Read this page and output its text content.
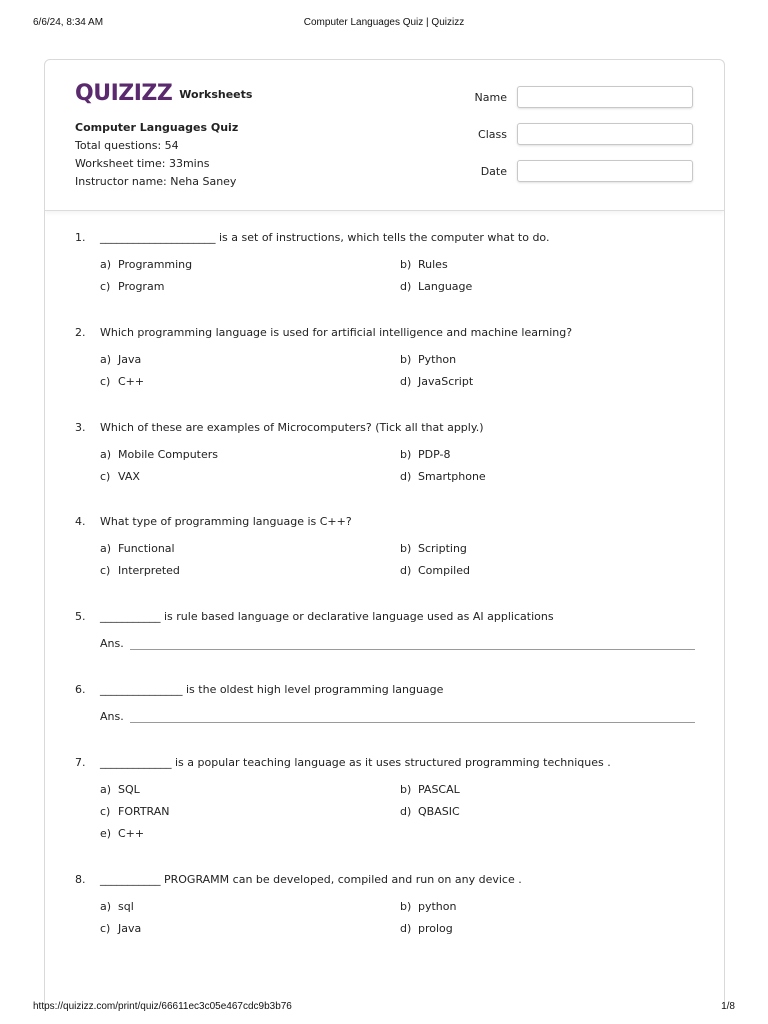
6/6/24, 8:34 AM	Computer Languages Quiz | Quizizz
QUIZIZZ Worksheets
Computer Languages Quiz
Total questions: 54
Worksheet time: 33mins
Instructor name: Neha Saney
Name
Class
Date
1.	_____________________ is a set of instructions, which tells the computer what to do.
a) Programming	b) Rules
c) Program	d) Language
2.	Which programming language is used for artificial intelligence and machine learning?
a) Java	b) Python
c) C++	d) JavaScript
3.	Which of these are examples of Microcomputers? (Tick all that apply.)
a) Mobile Computers	b) PDP-8
c) VAX	d) Smartphone
4.	What type of programming language is C++?
a) Functional	b) Scripting
c) Interpreted	d) Compiled
5.	___________ is rule based language or declarative language used as AI applications
Ans.
6.	_______________ is the oldest high level programming language
Ans.
7.	_____________ is a popular teaching language as it uses structured programming techniques .
a) SQL	b) PASCAL
c) FORTRAN	d) QBASIC
e) C++
8.	___________ PROGRAMM can be developed, compiled and run on any device .
a) sql	b) python
c) Java	d) prolog
https://quizizz.com/print/quiz/66611ec3c05e467cdc9b3b76	1/8
